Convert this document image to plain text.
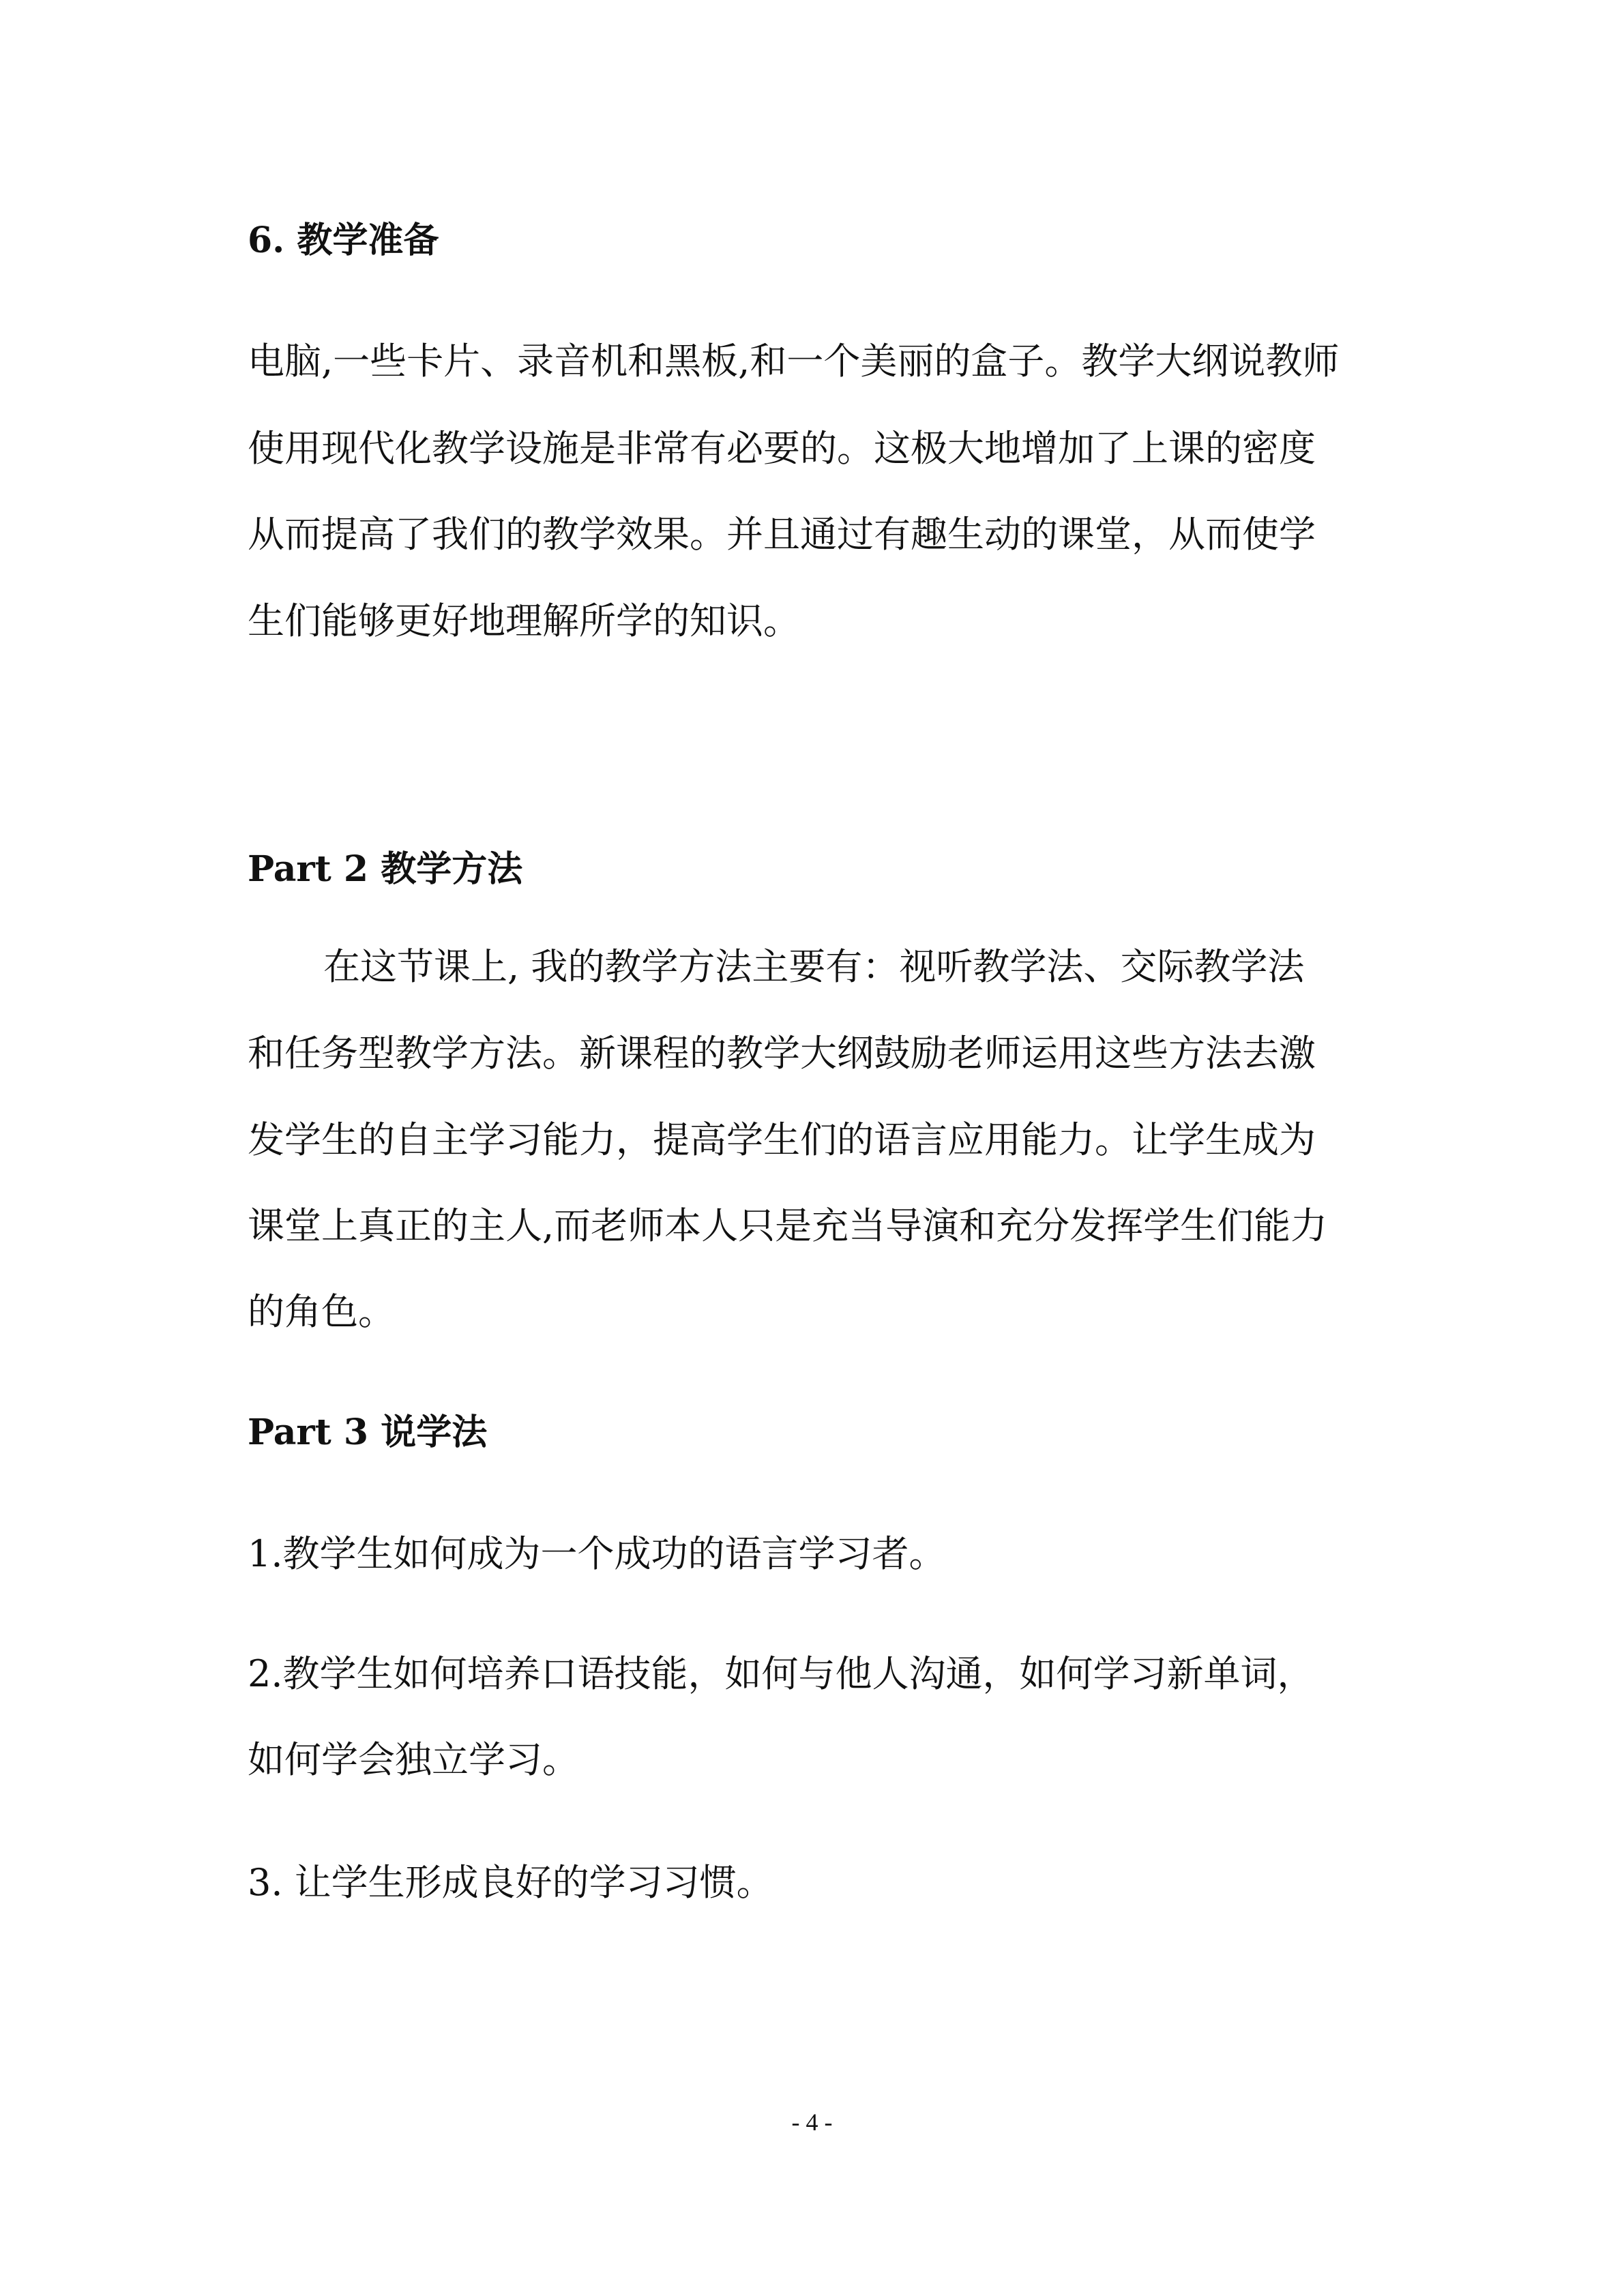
6. 教学准备

电脑,一些卡片、录音机和黑板,和一个美丽的盒子。教学大纲说教师

使用现代化教学设施是非常有必要的。这极大地增加了上课的密度

从而提高了我们的教学效果。并且通过有趣生动的课堂，从而使学

生们能够更好地理解所学的知识。

Part 2 教学方法

在这节课上, 我的教学方法主要有：视听教学法、交际教学法

和任务型教学方法。新课程的教学大纲鼓励老师运用这些方法去激

发学生的自主学习能力，提高学生们的语言应用能力。让学生成为

课堂上真正的主人,而老师本人只是充当导演和充分发挥学生们能力

的角色。

Part 3 说学法

1.教学生如何成为一个成功的语言学习者。

2.教学生如何培养口语技能，如何与他人沟通，如何学习新单词，

如何学会独立学习。

3. 让学生形成良好的学习习惯。

- 4 -
